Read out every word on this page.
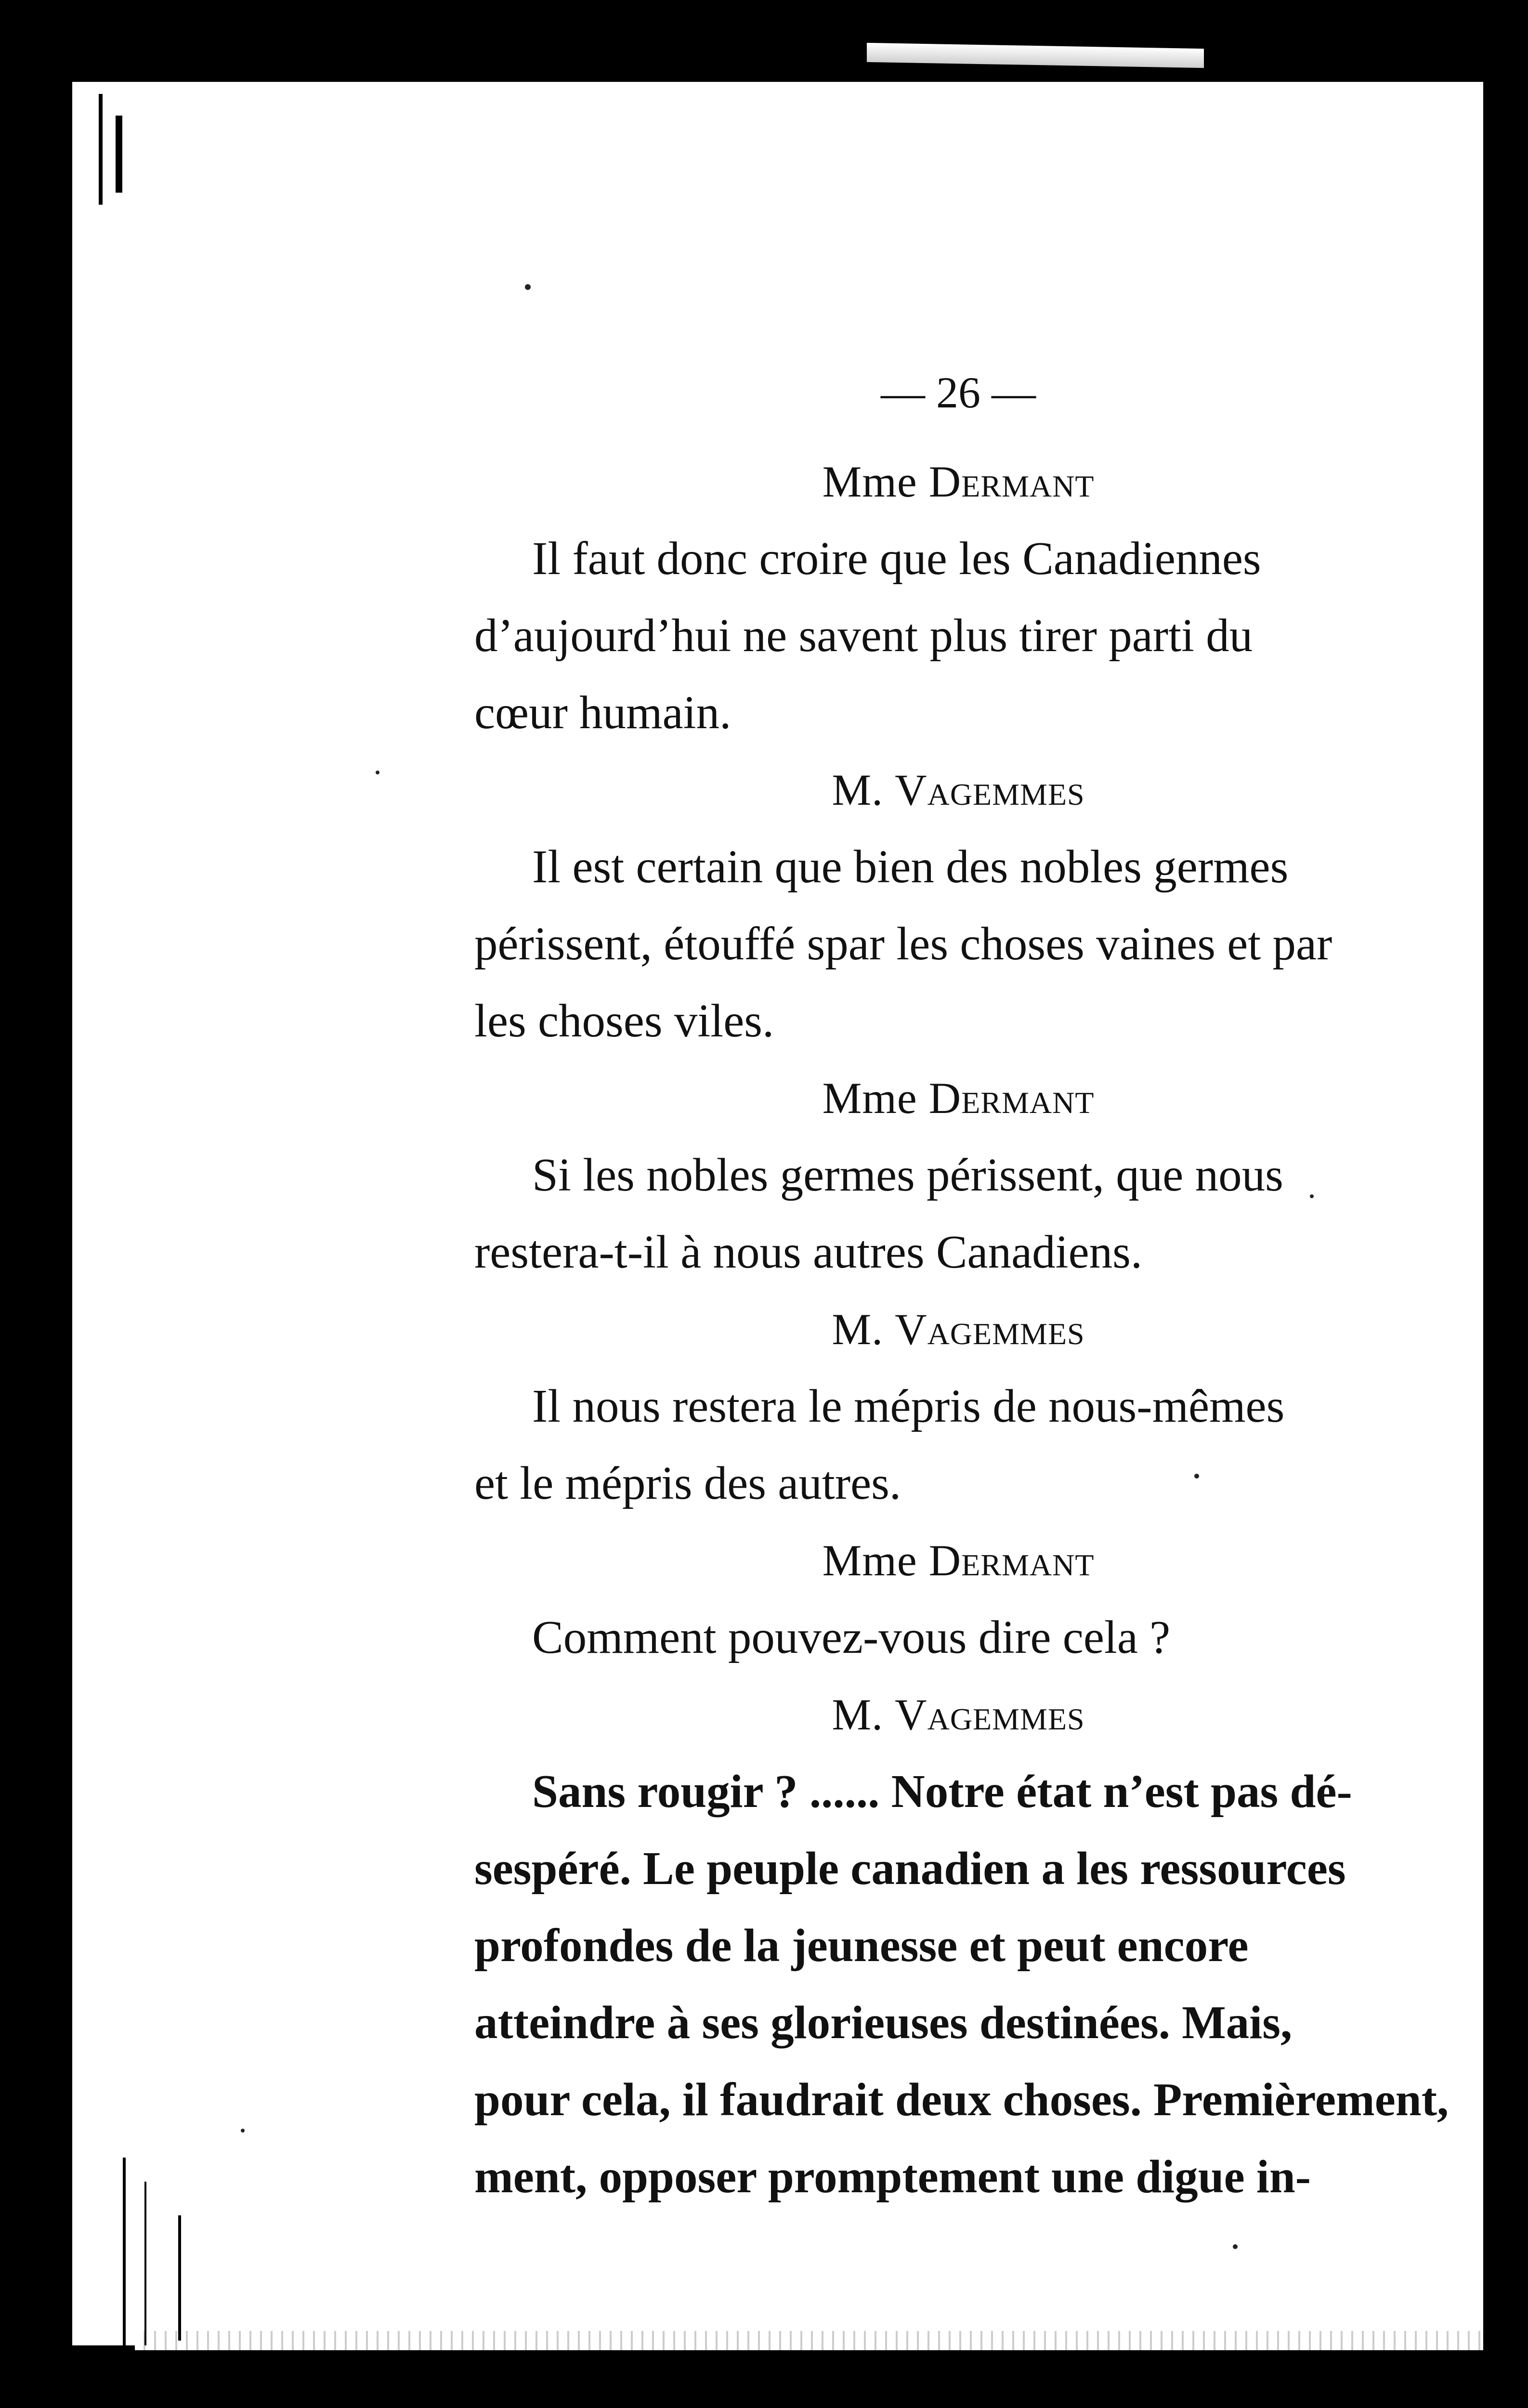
— 26 —
Mme Dermant
Il faut donc croire que les Canadiennes
d’aujourd’hui ne savent plus tirer parti du
cœur humain.
M. Vagemmes
Il est certain que bien des nobles germes
périssent, étouffé spar les choses vaines et par
les choses viles.
Mme Dermant
Si les nobles germes périssent, que nous
restera-t-il à nous autres Canadiens.
M. Vagemmes
Il nous restera le mépris de nous-mêmes
et le mépris des autres.
Mme Dermant
Comment pouvez-vous dire cela ?
M. Vagemmes
Sans rougir ? ...... Notre état n’est pas dé-
sespéré. Le peuple canadien a les ressources
profondes de la jeunesse et peut encore
atteindre à ses glorieuses destinées. Mais,
pour cela, il faudrait deux choses. Premièrement,
ment, opposer promptement une digue in-
